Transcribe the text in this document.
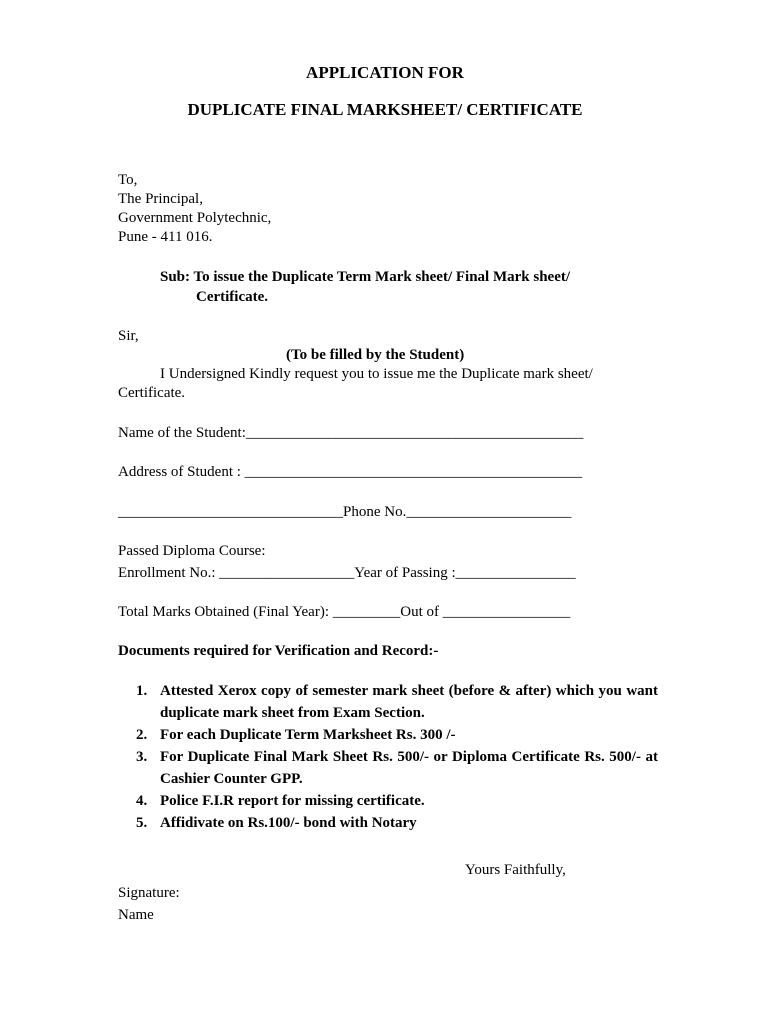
APPLICATION FOR
DUPLICATE FINAL MARKSHEET/ CERTIFICATE
To,
The Principal,
Government Polytechnic,
Pune - 411 016.
Sub: To issue the Duplicate Term Mark sheet/ Final Mark sheet/
Certificate.
Sir,
(To be filled by the Student)
I Undersigned Kindly request you to issue me the Duplicate mark sheet/
Certificate.
Name of the Student:_____________________________________________
Address of Student : _____________________________________________
______________________________Phone No.______________________
Passed Diploma Course:
Enrollment No.: __________________Year of Passing :________________
Total Marks Obtained (Final Year): _________Out of _________________
Documents required for Verification and Record:-
1. Attested Xerox copy of semester mark sheet (before & after) which you want duplicate mark sheet from Exam Section.
2. For each Duplicate Term Marksheet Rs. 300 /-
3. For Duplicate Final Mark Sheet Rs. 500/- or Diploma Certificate Rs. 500/- at Cashier Counter GPP.
4. Police F.I.R report for missing certificate.
5. Affidivate on Rs.100/- bond with Notary
Yours Faithfully,
Signature:
Name
